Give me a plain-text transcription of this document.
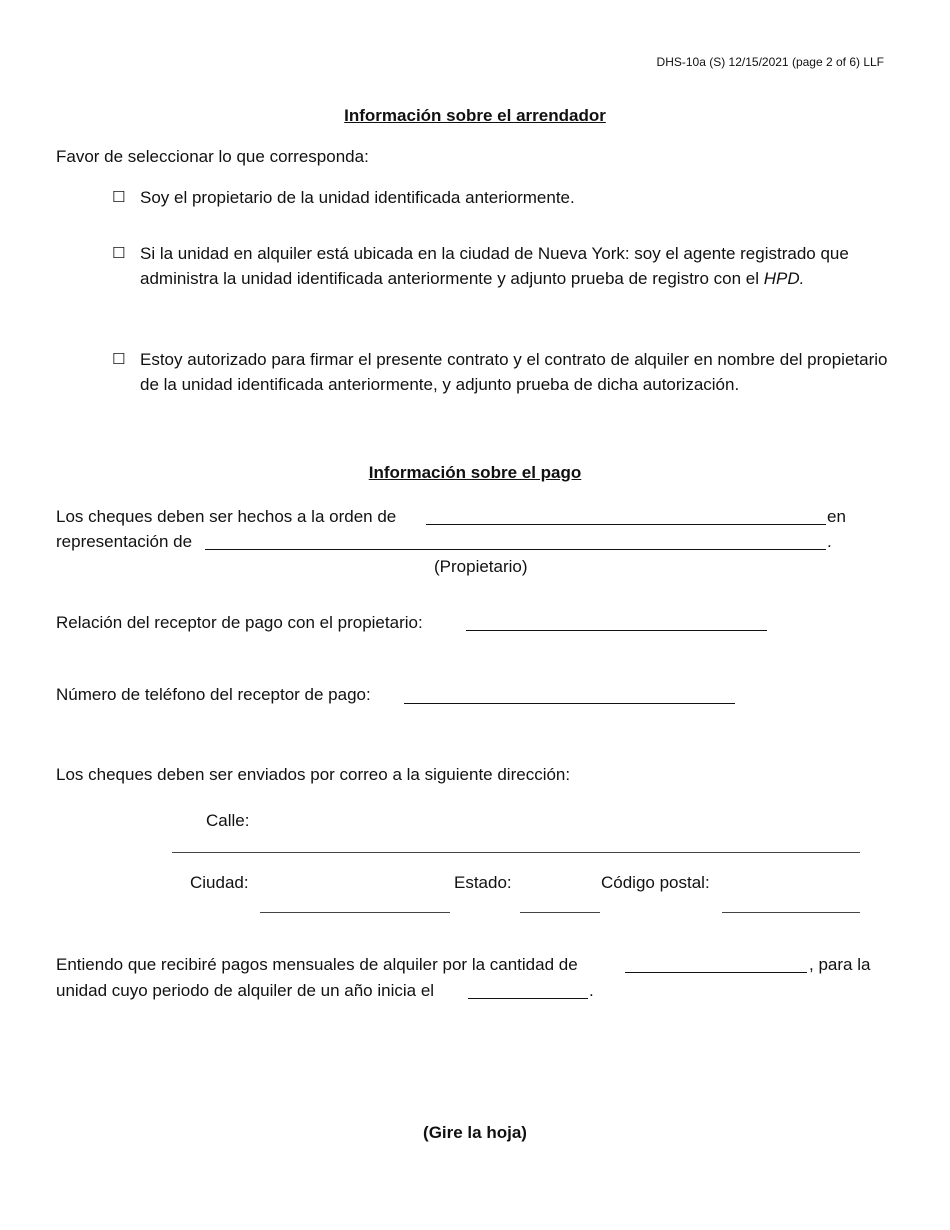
DHS-10a (S) 12/15/2021 (page 2 of 6) LLF
Información sobre el arrendador
Favor de seleccionar lo que corresponda:
☐ Soy el propietario de la unidad identificada anteriormente.
☐ Si la unidad en alquiler está ubicada en la ciudad de Nueva York: soy el agente registrado que administra la unidad identificada anteriormente y adjunto prueba de registro con el HPD.
☐ Estoy autorizado para firmar el presente contrato y el contrato de alquiler en nombre del propietario de la unidad identificada anteriormente, y adjunto prueba de dicha autorización.
Información sobre el pago
Los cheques deben ser hechos a la orden de	en
representación de	.
(Propietario)
Relación del receptor de pago con el propietario:
Número de teléfono del receptor de pago:
Los cheques deben ser enviados por correo a la siguiente dirección:
Calle:
Ciudad:	Estado:	Código postal:
Entiendo que recibiré pagos mensuales de alquiler por la cantidad de	, para la
unidad cuyo periodo de alquiler de un año inicia el	.
(Gire la hoja)
